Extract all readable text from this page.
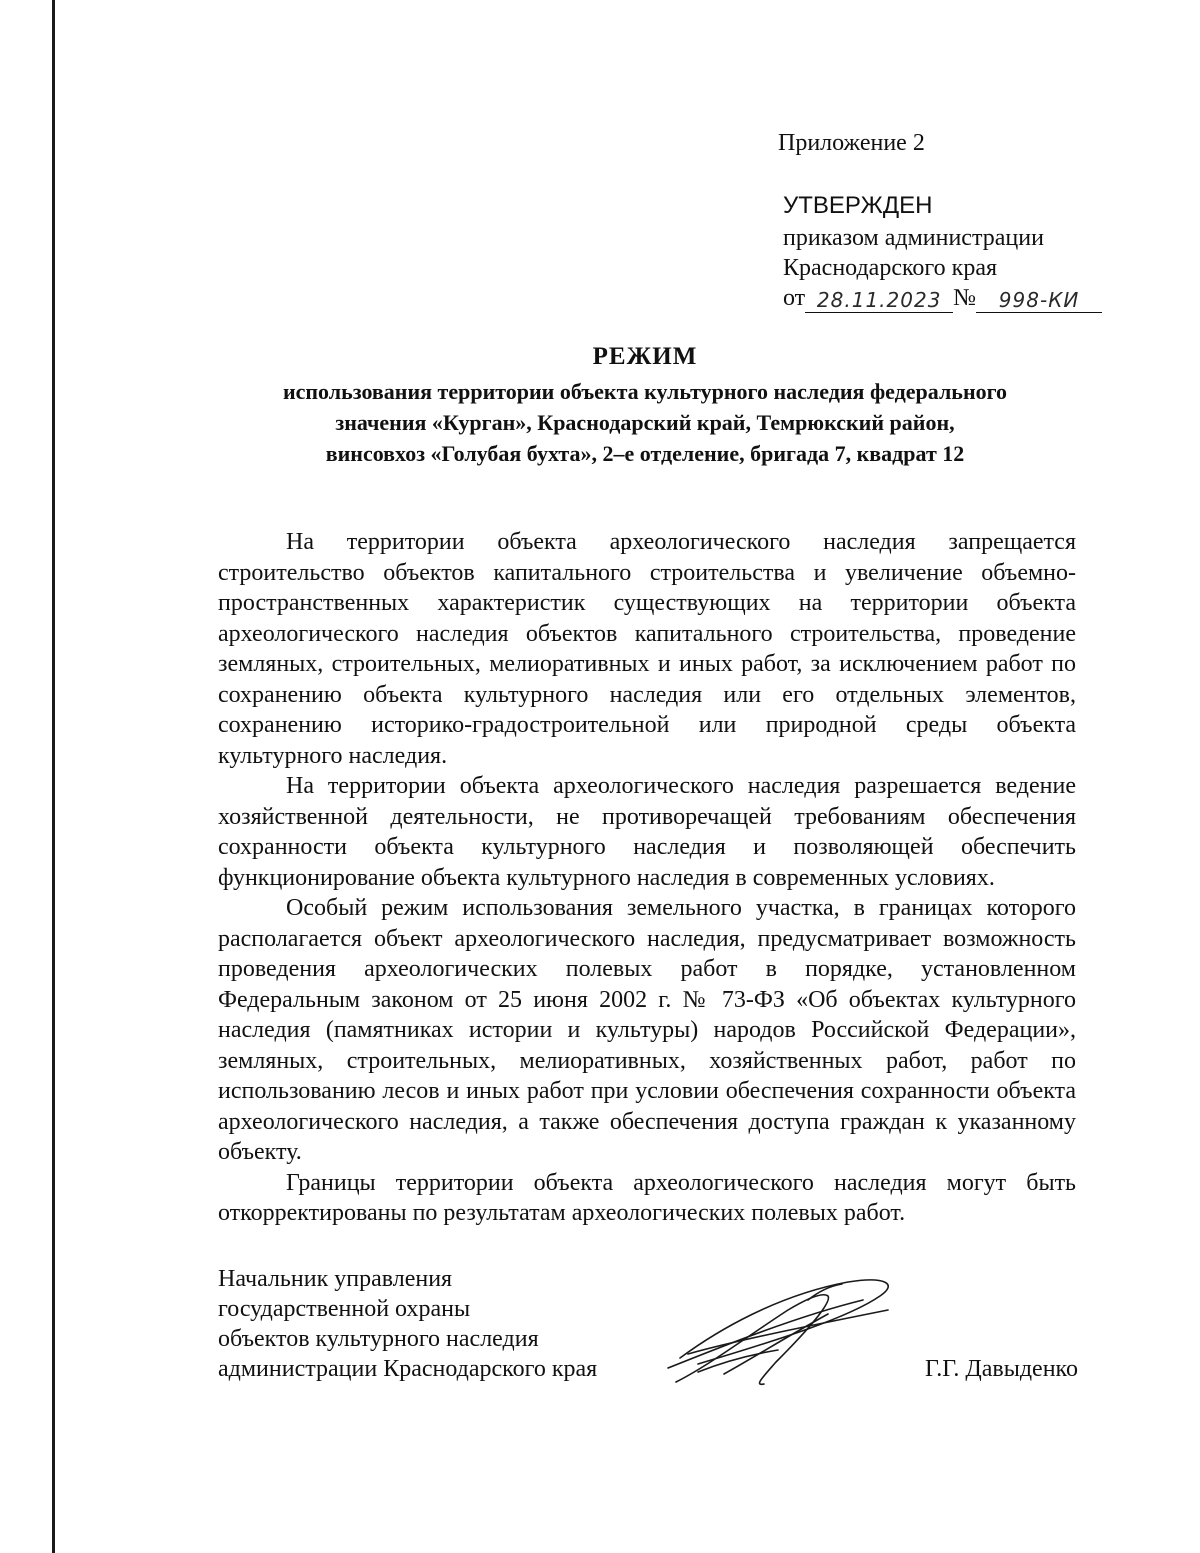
Приложение 2
УТВЕРЖДЕН
приказом администрации
Краснодарского края
от 28.11.2023 №	998-КИ
РЕЖИМ
использования территории объекта культурного наследия федерального
значения «Курган», Краснодарский край, Темрюкский район,
винсовхоз «Голубая бухта», 2–е отделение, бригада 7, квадрат 12

На территории объекта археологического наследия запрещается строительство объектов капитального строительства и увеличение объемно-пространственных характеристик существующих на территории объекта археологического наследия объектов капитального строительства, проведение земляных, строительных, мелиоративных и иных работ, за исключением работ по сохранению объекта культурного наследия или его отдельных элементов, сохранению историко-градостроительной или природной среды объекта культурного наследия.

На территории объекта археологического наследия разрешается ведение хозяйственной деятельности, не противоречащей требованиям обеспечения сохранности объекта культурного наследия и позволяющей обеспечить функционирование объекта культурного наследия в современных условиях.

Особый режим использования земельного участка, в границах которого располагается объект археологического наследия, предусматривает возможность проведения археологических полевых работ в порядке, установленном Федеральным законом от 25 июня 2002 г. № 73-ФЗ «Об объектах культурного наследия (памятниках истории и культуры) народов Российской Федерации», земляных, строительных, мелиоративных, хозяйственных работ, работ по использованию лесов и иных работ при условии обеспечения сохранности объекта археологического наследия, а также обеспечения доступа граждан к указанному объекту.

Границы территории объекта археологического наследия могут быть откорректированы по результатам археологических полевых работ.

Начальник управления
государственной охраны
объектов культурного наследия
администрации Краснодарского края	Г.Г. Давыденко
